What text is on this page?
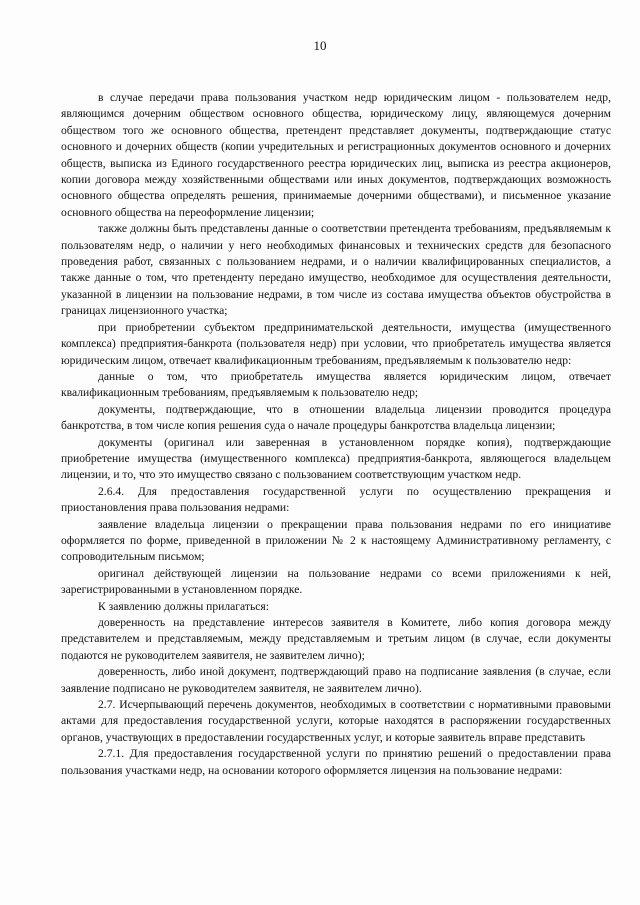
10

в случае передачи права пользования участком недр юридическим лицом - пользователем недр, являющимся дочерним обществом основного общества, юридическому лицу, являющемуся дочерним обществом того же основного общества, претендент представляет документы, подтверждающие статус основного и дочерних обществ (копии учредительных и регистрационных документов основного и дочерних обществ, выписка из Единого государственного реестра юридических лиц, выписка из реестра акционеров, копии договора между хозяйственными обществами или иных документов, подтверждающих возможность основного общества определять решения, принимаемые дочерними обществами), и письменное указание основного общества на переоформление лицензии;

также должны быть представлены данные о соответствии претендента требованиям, предъявляемым к пользователям недр, о наличии у него необходимых финансовых и технических средств для безопасного проведения работ, связанных с пользованием недрами, и о наличии квалифицированных специалистов, а также данные о том, что претенденту передано имущество, необходимое для осуществления деятельности, указанной в лицензии на пользование недрами, в том числе из состава имущества объектов обустройства в границах лицензионного участка;

при приобретении субъектом предпринимательской деятельности, имущества (имущественного комплекса) предприятия-банкрота (пользователя недр) при условии, что приобретатель имущества является юридическим лицом, отвечает квалификационным требованиям, предъявляемым к пользователю недр:

данные о том, что приобретатель имущества является юридическим лицом, отвечает квалификационным требованиям, предъявляемым к пользователю недр;

документы, подтверждающие, что в отношении владельца лицензии проводится процедура банкротства, в том числе копия решения суда о начале процедуры банкротства владельца лицензии;

документы (оригинал или заверенная в установленном порядке копия), подтверждающие приобретение имущества (имущественного комплекса) предприятия-банкрота, являющегося владельцем лицензии, и то, что это имущество связано с пользованием соответствующим участком недр.

2.6.4. Для предоставления государственной услуги по осуществлению прекращения и приостановления права пользования недрами:

заявление владельца лицензии о прекращении права пользования недрами по его инициативе оформляется по форме, приведенной в приложении № 2 к настоящему Административному регламенту, с сопроводительным письмом;

оригинал действующей лицензии на пользование недрами со всеми приложениями к ней, зарегистрированными в установленном порядке.

К заявлению должны прилагаться:

доверенность на представление интересов заявителя в Комитете, либо копия договора между представителем и представляемым, между представляемым и третьим лицом (в случае, если документы подаются не руководителем заявителя, не заявителем лично);

доверенность, либо иной документ, подтверждающий право на подписание заявления (в случае, если заявление подписано не руководителем заявителя, не заявителем лично).

2.7. Исчерпывающий перечень документов, необходимых в соответствии с нормативными правовыми актами для предоставления государственной услуги, которые находятся в распоряжении государственных органов, участвующих в предоставлении государственных услуг, и которые заявитель вправе представить

2.7.1. Для предоставления государственной услуги по принятию решений о предоставлении права пользования участками недр, на основании которого оформляется лицензия на пользование недрами:
